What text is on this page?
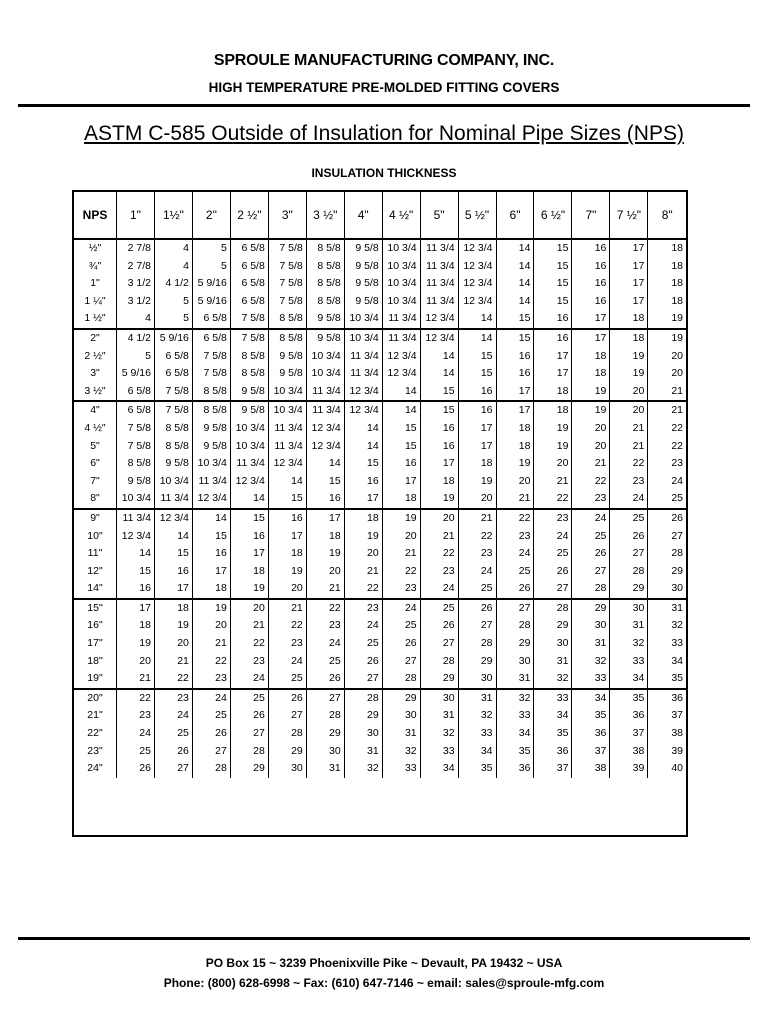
SPROULE MANUFACTURING COMPANY, INC.
HIGH TEMPERATURE PRE-MOLDED FITTING COVERS
ASTM C-585 Outside of Insulation for Nominal Pipe Sizes (NPS)
INSULATION THICKNESS
NPS	1"	1½"	2"	2 ½"	3"	3 ½"	4"	4 ½"	5"	5 ½"	6"	6 ½"	7"	7 ½"	8"
½"	2 7/8	4	5	6 5/8	7 5/8	8 5/8	9 5/8	10 3/4	11 3/4	12 3/4	14	15	16	17	18
¾"	2 7/8	4	5	6 5/8	7 5/8	8 5/8	9 5/8	10 3/4	11 3/4	12 3/4	14	15	16	17	18
1"	3 1/2	4 1/2	5 9/16	6 5/8	7 5/8	8 5/8	9 5/8	10 3/4	11 3/4	12 3/4	14	15	16	17	18
1 ¼"	3 1/2	5	5 9/16	6 5/8	7 5/8	8 5/8	9 5/8	10 3/4	11 3/4	12 3/4	14	15	16	17	18
1 ½"	4	5	6 5/8	7 5/8	8 5/8	9 5/8	10 3/4	11 3/4	12 3/4	14	15	16	17	18	19
2"	4 1/2	5 9/16	6 5/8	7 5/8	8 5/8	9 5/8	10 3/4	11 3/4	12 3/4	14	15	16	17	18	19
2 ½"	5	6 5/8	7 5/8	8 5/8	9 5/8	10 3/4	11 3/4	12 3/4	14	15	16	17	18	19	20
3"	5 9/16	6 5/8	7 5/8	8 5/8	9 5/8	10 3/4	11 3/4	12 3/4	14	15	16	17	18	19	20
3 ½"	6 5/8	7 5/8	8 5/8	9 5/8	10 3/4	11 3/4	12 3/4	14	15	16	17	18	19	20	21
4"	6 5/8	7 5/8	8 5/8	9 5/8	10 3/4	11 3/4	12 3/4	14	15	16	17	18	19	20	21
4 ½"	7 5/8	8 5/8	9 5/8	10 3/4	11 3/4	12 3/4	14	15	16	17	18	19	20	21	22
5"	7 5/8	8 5/8	9 5/8	10 3/4	11 3/4	12 3/4	14	15	16	17	18	19	20	21	22
6"	8 5/8	9 5/8	10 3/4	11 3/4	12 3/4	14	15	16	17	18	19	20	21	22	23
7"	9 5/8	10 3/4	11 3/4	12 3/4	14	15	16	17	18	19	20	21	22	23	24
8"	10 3/4	11 3/4	12 3/4	14	15	16	17	18	19	20	21	22	23	24	25
9"	11 3/4	12 3/4	14	15	16	17	18	19	20	21	22	23	24	25	26
10"	12 3/4	14	15	16	17	18	19	20	21	22	23	24	25	26	27
11"	14	15	16	17	18	19	20	21	22	23	24	25	26	27	28
12"	15	16	17	18	19	20	21	22	23	24	25	26	27	28	29
14"	16	17	18	19	20	21	22	23	24	25	26	27	28	29	30
15"	17	18	19	20	21	22	23	24	25	26	27	28	29	30	31
16"	18	19	20	21	22	23	24	25	26	27	28	29	30	31	32
17"	19	20	21	22	23	24	25	26	27	28	29	30	31	32	33
18"	20	21	22	23	24	25	26	27	28	29	30	31	32	33	34
19"	21	22	23	24	25	26	27	28	29	30	31	32	33	34	35
20"	22	23	24	25	26	27	28	29	30	31	32	33	34	35	36
21"	23	24	25	26	27	28	29	30	31	32	33	34	35	36	37
22"	24	25	26	27	28	29	30	31	32	33	34	35	36	37	38
23"	25	26	27	28	29	30	31	32	33	34	35	36	37	38	39
24"	26	27	28	29	30	31	32	33	34	35	36	37	38	39	40
PO Box 15 ~ 3239 Phoenixville Pike ~ Devault, PA 19432 ~ USA
Phone: (800) 628-6998 ~ Fax: (610) 647-7146 ~ email: sales@sproule-mfg.com
